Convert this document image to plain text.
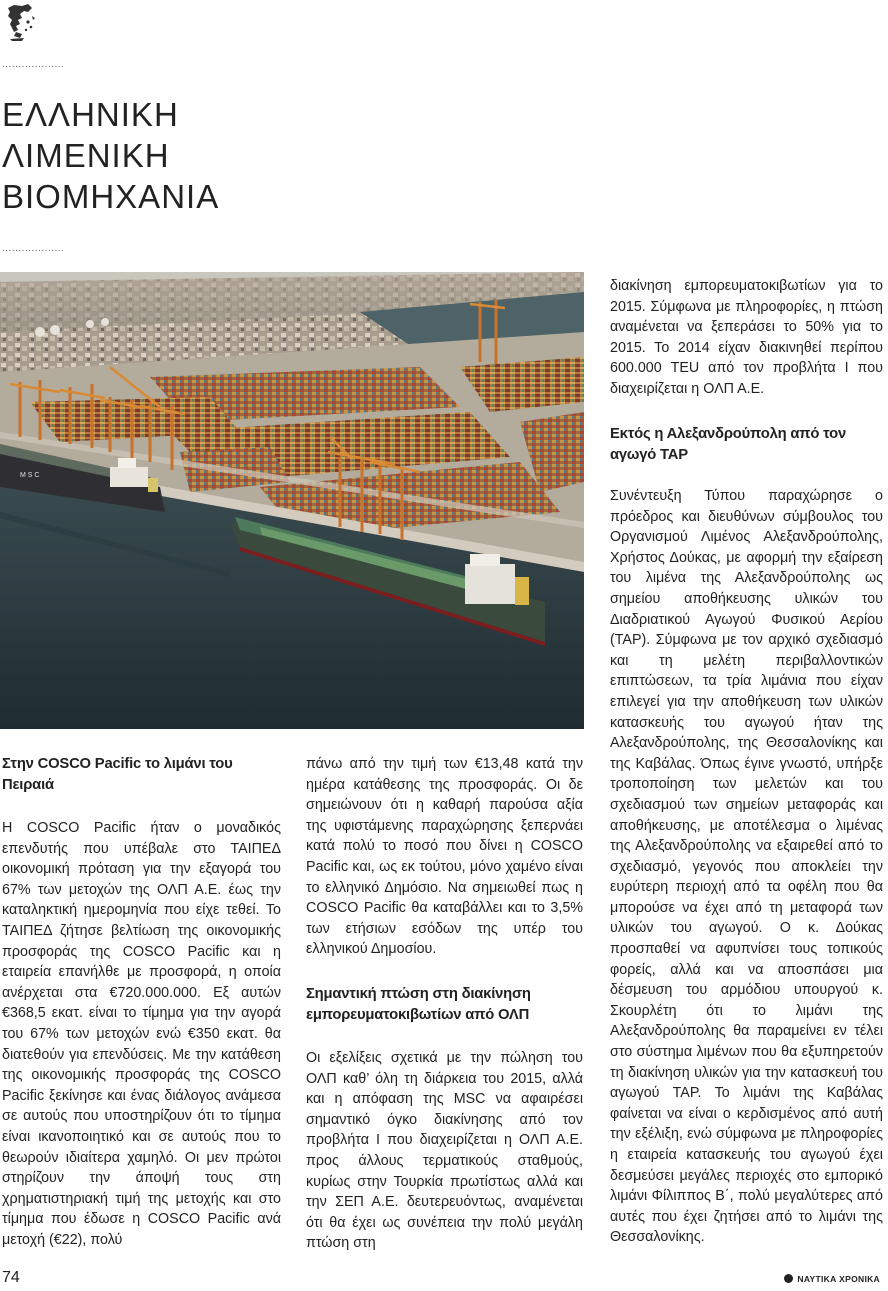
...................
ΕΛΛΗΝΙΚΗ
ΛΙΜΕΝΙΚΗ
ΒΙΟΜΗΧΑΝΙΑ
...................
M S C
Στην COSCO Pacific το λιμάνι του Πειραιά

Η COSCO Pacific ήταν ο μοναδικός επενδυτής που υπέβαλε στο ΤΑΙΠΕΔ οικονομική πρόταση για την εξαγορά του 67% των μετοχών της ΟΛΠ Α.Ε. έως την καταληκτική ημερομηνία που είχε τεθεί. Το ΤΑΙΠΕΔ ζήτησε βελτίωση της οικονομικής προσφοράς της COSCO Pacific και η εταιρεία επανήλθε με προσφορά, η οποία ανέρχεται στα €720.000.000. Εξ αυτών €368,5 εκατ. είναι το τίμημα για την αγορά του 67% των μετοχών ενώ €350 εκατ. θα διατεθούν για επενδύσεις. Με την κατάθεση της οικονομικής προσφοράς της COSCO Pacific ξεκίνησε και ένας διάλογος ανάμεσα σε αυτούς που υποστηρίζουν ότι το τίμημα είναι ικανοποιητικό και σε αυτούς που το θεωρούν ιδιαίτερα χαμηλό. Οι μεν πρώτοι στηρίζουν την άποψή τους στη χρηματιστηριακή τιμή της μετοχής και στο τίμημα που έδωσε η COSCO Pacific ανά μετοχή (€22), πολύ

πάνω από την τιμή των €13,48 κατά την ημέρα κατάθεσης της προσφοράς. Οι δε σημειώνουν ότι η καθαρή παρούσα αξία της υφιστάμενης παραχώρησης ξεπερνάει κατά πολύ το ποσό που δίνει η COSCO Pacific και, ως εκ τούτου, μόνο χαμένο είναι το ελληνικό Δημόσιο. Να σημειωθεί πως η COSCO Pacific θα καταβάλλει και το 3,5% των ετήσιων εσόδων της υπέρ του ελληνικού Δημοσίου.

Σημαντική πτώση στη διακίνηση εμπορευματοκιβωτίων από ΟΛΠ

Οι εξελίξεις σχετικά με την πώληση του ΟΛΠ καθ’ όλη τη διάρκεια του 2015, αλλά και η απόφαση της MSC να αφαιρέσει σημαντικό όγκο διακίνησης από τον προβλήτα Ι που διαχειρίζεται η ΟΛΠ Α.Ε. προς άλλους τερματικούς σταθμούς, κυρίως στην Τουρκία πρωτίστως αλλά και την ΣΕΠ Α.Ε. δευτερευόντως, αναμένεται ότι θα έχει ως συνέπεια την πολύ μεγάλη πτώση στη

διακίνηση εμπορευματοκιβωτίων για το 2015. Σύμφωνα με πληροφορίες, η πτώση αναμένεται να ξεπεράσει το 50% για το 2015. Το 2014 είχαν διακινηθεί περίπου 600.000 TEU από τον προβλήτα Ι που διαχειρίζεται η ΟΛΠ Α.Ε.

Εκτός η Αλεξανδρούπολη από τον αγωγό TAP

Συνέντευξη Τύπου παραχώρησε ο πρόεδρος και διευθύνων σύμβουλος του Οργανισμού Λιμένος Αλεξανδρούπολης, Χρήστος Δούκας, με αφορμή την εξαίρεση του λιμένα της Αλεξανδρούπολης ως σημείου αποθήκευσης υλικών του Διαδριατικού Αγωγού Φυσικού Αερίου (TAP). Σύμφωνα με τον αρχικό σχεδιασμό και τη μελέτη περιβαλλοντικών επιπτώσεων, τα τρία λιμάνια που είχαν επιλεγεί για την αποθήκευση των υλικών κατασκευής του αγωγού ήταν της Αλεξανδρούπολης, της Θεσσαλονίκης και της Καβάλας. Όπως έγινε γνωστό, υπήρξε τροποποίηση των μελετών και του σχεδιασμού των σημείων μεταφοράς και αποθήκευσης, με αποτέλεσμα ο λιμένας της Αλεξανδρούπολης να εξαιρεθεί από το σχεδιασμό, γεγονός που αποκλείει την ευρύτερη περιοχή από τα οφέλη που θα μπορούσε να έχει από τη μεταφορά των υλικών του αγωγού. Ο κ. Δούκας προσπαθεί να αφυπνίσει τους τοπικούς φορείς, αλλά και να αποσπάσει μια δέσμευση του αρμόδιου υπουργού κ. Σκουρλέτη ότι το λιμάνι της Αλεξανδρούπολης θα παραμείνει εν τέλει στο σύστημα λιμένων που θα εξυπηρετούν τη διακίνηση υλικών για την κατασκευή του αγωγού TAP. Το λιμάνι της Καβάλας φαίνεται να είναι ο κερδισμένος από αυτή την εξέλιξη, ενώ σύμφωνα με πληροφορίες η εταιρεία κατασκευής του αγωγού έχει δεσμεύσει μεγάλες περιοχές στο εμπορικό λιμάνι Φίλιππος Β΄, πολύ μεγαλύτερες από αυτές που έχει ζητήσει από το λιμάνι της Θεσσαλονίκης.

74	ΝΑΥΤΙΚΑ ΧΡΟΝΙΚΑ
